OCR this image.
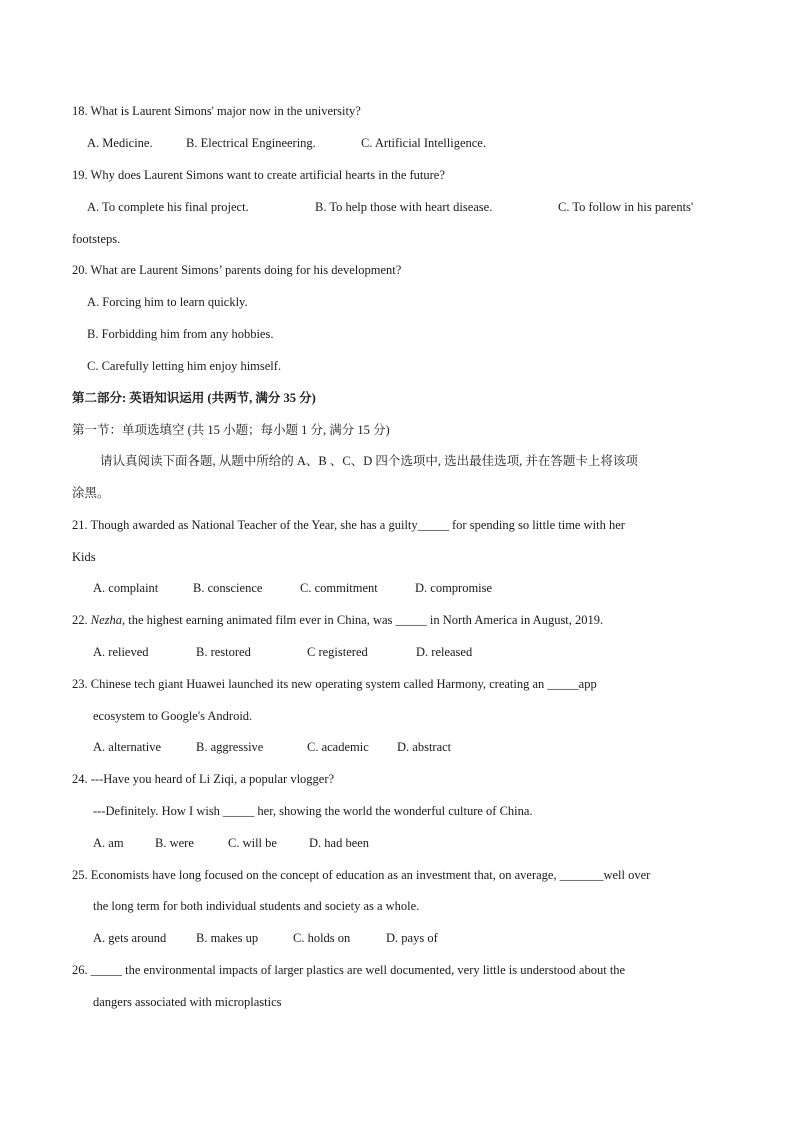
18. What is Laurent Simons' major now in the university?
A. Medicine.	B. Electrical Engineering.	C. Artificial Intelligence.
19. Why does Laurent Simons want to create artificial hearts in the future?
A. To complete his final project.	B. To help those with heart disease.	C. To follow in his parents'
footsteps.
20. What are Laurent Simons’ parents doing for his development?
A. Forcing him to learn quickly.
B. Forbidding him from any hobbies.
C. Carefully letting him enjoy himself.
第二部分: 英语知识运用 (共两节, 满分 35 分)
第一节：单项选填空 (共 15 小题；每小题 1 分, 满分 15 分)
请认真阅读下面各题, 从题中所给的 A、B 、C、D 四个选项中, 选出最佳选项, 并在答题卡上将该项
涂黑。
21. Though awarded as National Teacher of the Year, she has a guilty_____ for spending so little time with her
Kids
A. complaint	B. conscience	C. commitment	D. compromise
22. Nezha, the highest earning animated film ever in China, was _____ in North America in August, 2019.
A. relieved	B. restored	C registered	D. released
23. Chinese tech giant Huawei launched its new operating system called Harmony, creating an _____app
ecosystem to Google's Android.
A. alternative	B. aggressive	C. academic D. abstract
24. ---Have you heard of Li Ziqi, a popular vlogger?
---Definitely. How I wish _____ her, showing the world the wonderful culture of China.
A. am	B. were	C. will be	D. had been
25. Economists have long focused on the concept of education as an investment that, on average, _______well over
the long term for both individual students and society as a whole.
A. gets around B. makes up	C. holds on	D. pays of
26. _____ the environmental impacts of larger plastics are well documented, very little is understood about the
dangers associated with microplastics
